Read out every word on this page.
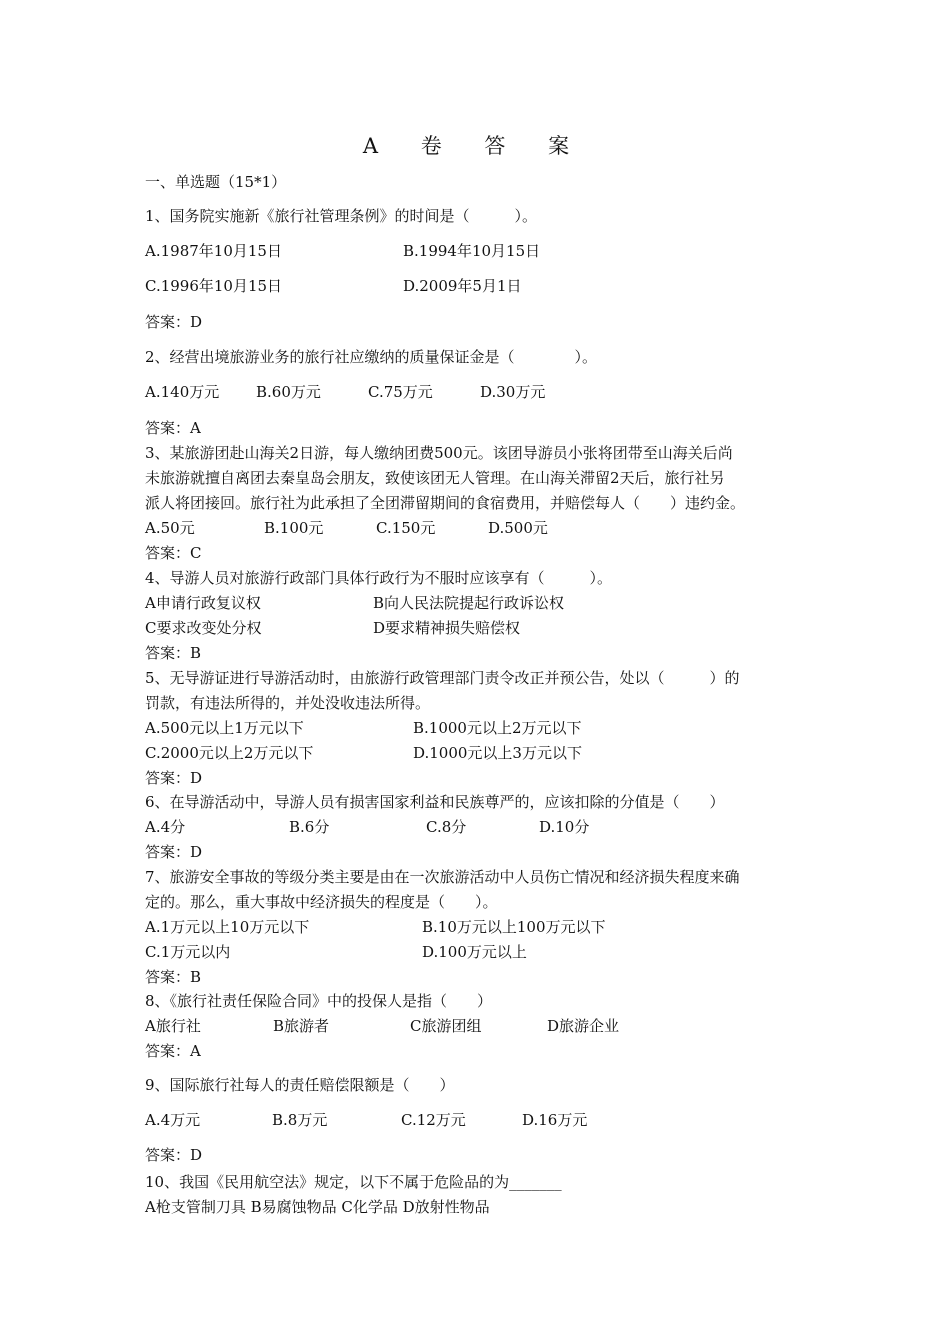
A 卷 答 案
一、单选题（15*1）
1、国务院实施新《旅行社管理条例》的时间是（　　　）。
A.1987年10月15日	B.1994年10月15日
C.1996年10月15日	D.2009年5月1日
答案：D
2、经营出境旅游业务的旅行社应缴纳的质量保证金是（　　　　）。
A.140万元 B.60万元	C.75万元	D.30万元
答案：A
3、某旅游团赴山海关2日游，每人缴纳团费500元。该团导游员小张将团带至山海关后尚
未旅游就擅自离团去秦皇岛会朋友，致使该团无人管理。在山海关滞留2天后，旅行社另
派人将团接回。旅行社为此承担了全团滞留期间的食宿费用，并赔偿每人（　　）违约金。
A.50元	B.100元	C.150元	D.500元
答案：C
4、导游人员对旅游行政部门具体行政行为不服时应该享有（　　　）。
A申请行政复议权	B向人民法院提起行政诉讼权
C要求改变处分权	D要求精神损失赔偿权
答案：B
5、无导游证进行导游活动时，由旅游行政管理部门责令改正并预公告，处以（　　　）的
罚款，有违法所得的，并处没收违法所得。
A.500元以上1万元以下	B.1000元以上2万元以下
C.2000元以上2万元以下	D.1000元以上3万元以下
答案：D
6、在导游活动中，导游人员有损害国家利益和民族尊严的，应该扣除的分值是（　　）
A.4分	B.6分	C.8分	D.10分
答案：D
7、旅游安全事故的等级分类主要是由在一次旅游活动中人员伤亡情况和经济损失程度来确
定的。那么，重大事故中经济损失的程度是（　　）。
A.1万元以上10万元以下	B.10万元以上100万元以下
C.1万元以内	D.100万元以上
答案：B
8、《旅行社责任保险合同》中的投保人是指（　　）
A旅行社	B旅游者	C旅游团组	D旅游企业
答案：A
9、国际旅行社每人的责任赔偿限额是（　　）
A.4万元	B.8万元	C.12万元	D.16万元
答案：D
10、我国《民用航空法》规定，以下不属于危险品的为_______
A枪支管制刀具 B易腐蚀物品 C化学品 D放射性物品
